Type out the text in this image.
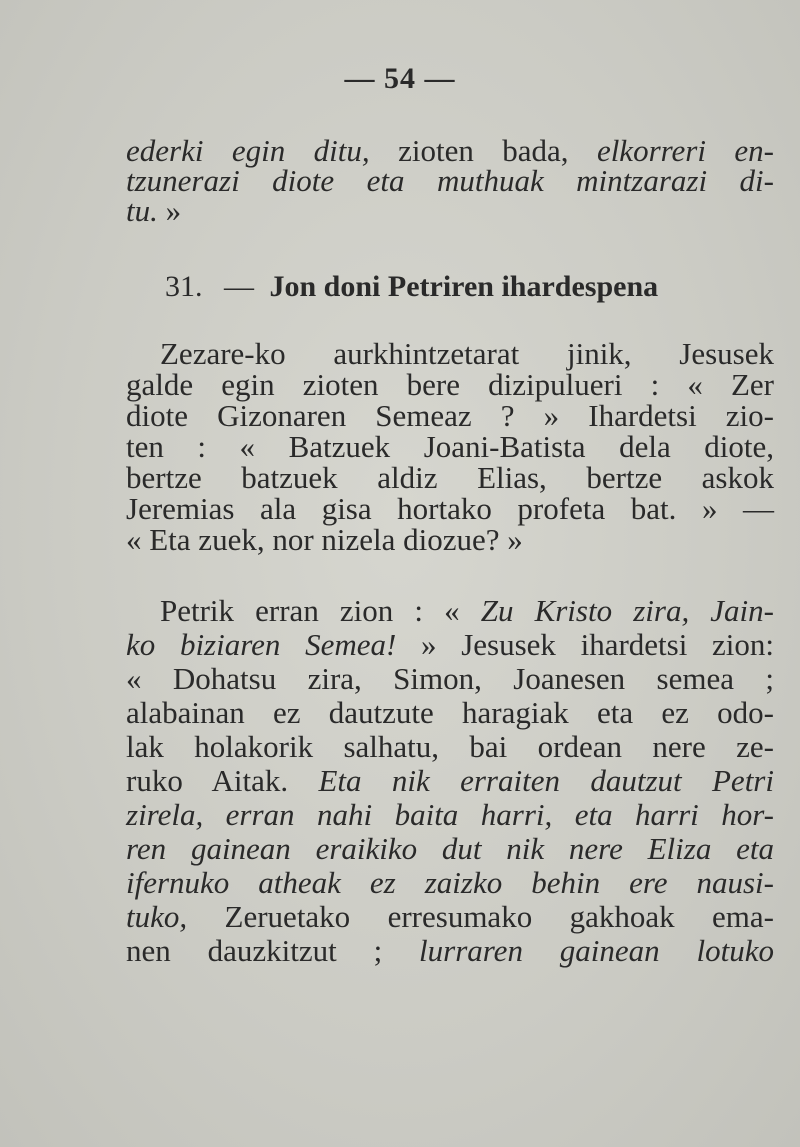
— 54 —
ederki egin ditu, zioten bada, elkorreri en-
tzunerazi diote eta muthuak mintzarazi di-
tu. »
31. — Jon doni Petriren ihardespena
Zezare-ko aurkhintzetarat jinik, Jesusek
galde egin zioten bere dizipulueri : « Zer
diote Gizonaren Semeaz ? » Ihardetsi zio-
ten : « Batzuek Joani-Batista dela diote,
bertze batzuek aldiz Elias, bertze askok
Jeremias ala gisa hortako profeta bat. » —
« Eta zuek, nor nizela diozue? »
Petrik erran zion : « Zu Kristo zira, Jain-
ko biziaren Semea! » Jesusek ihardetsi zion:
« Dohatsu zira, Simon, Joanesen semea ;
alabainan ez dautzute haragiak eta ez odo-
lak holakorik salhatu, bai ordean nere ze-
ruko Aitak. Eta nik erraiten dautzut Petri
zirela, erran nahi baita harri, eta harri hor-
ren gainean eraikiko dut nik nere Eliza eta
ifernuko atheak ez zaizko behin ere nausi-
tuko, Zeruetako erresumako gakhoak ema-
nen dauzkitzut ; lurraren gainean lotuko
